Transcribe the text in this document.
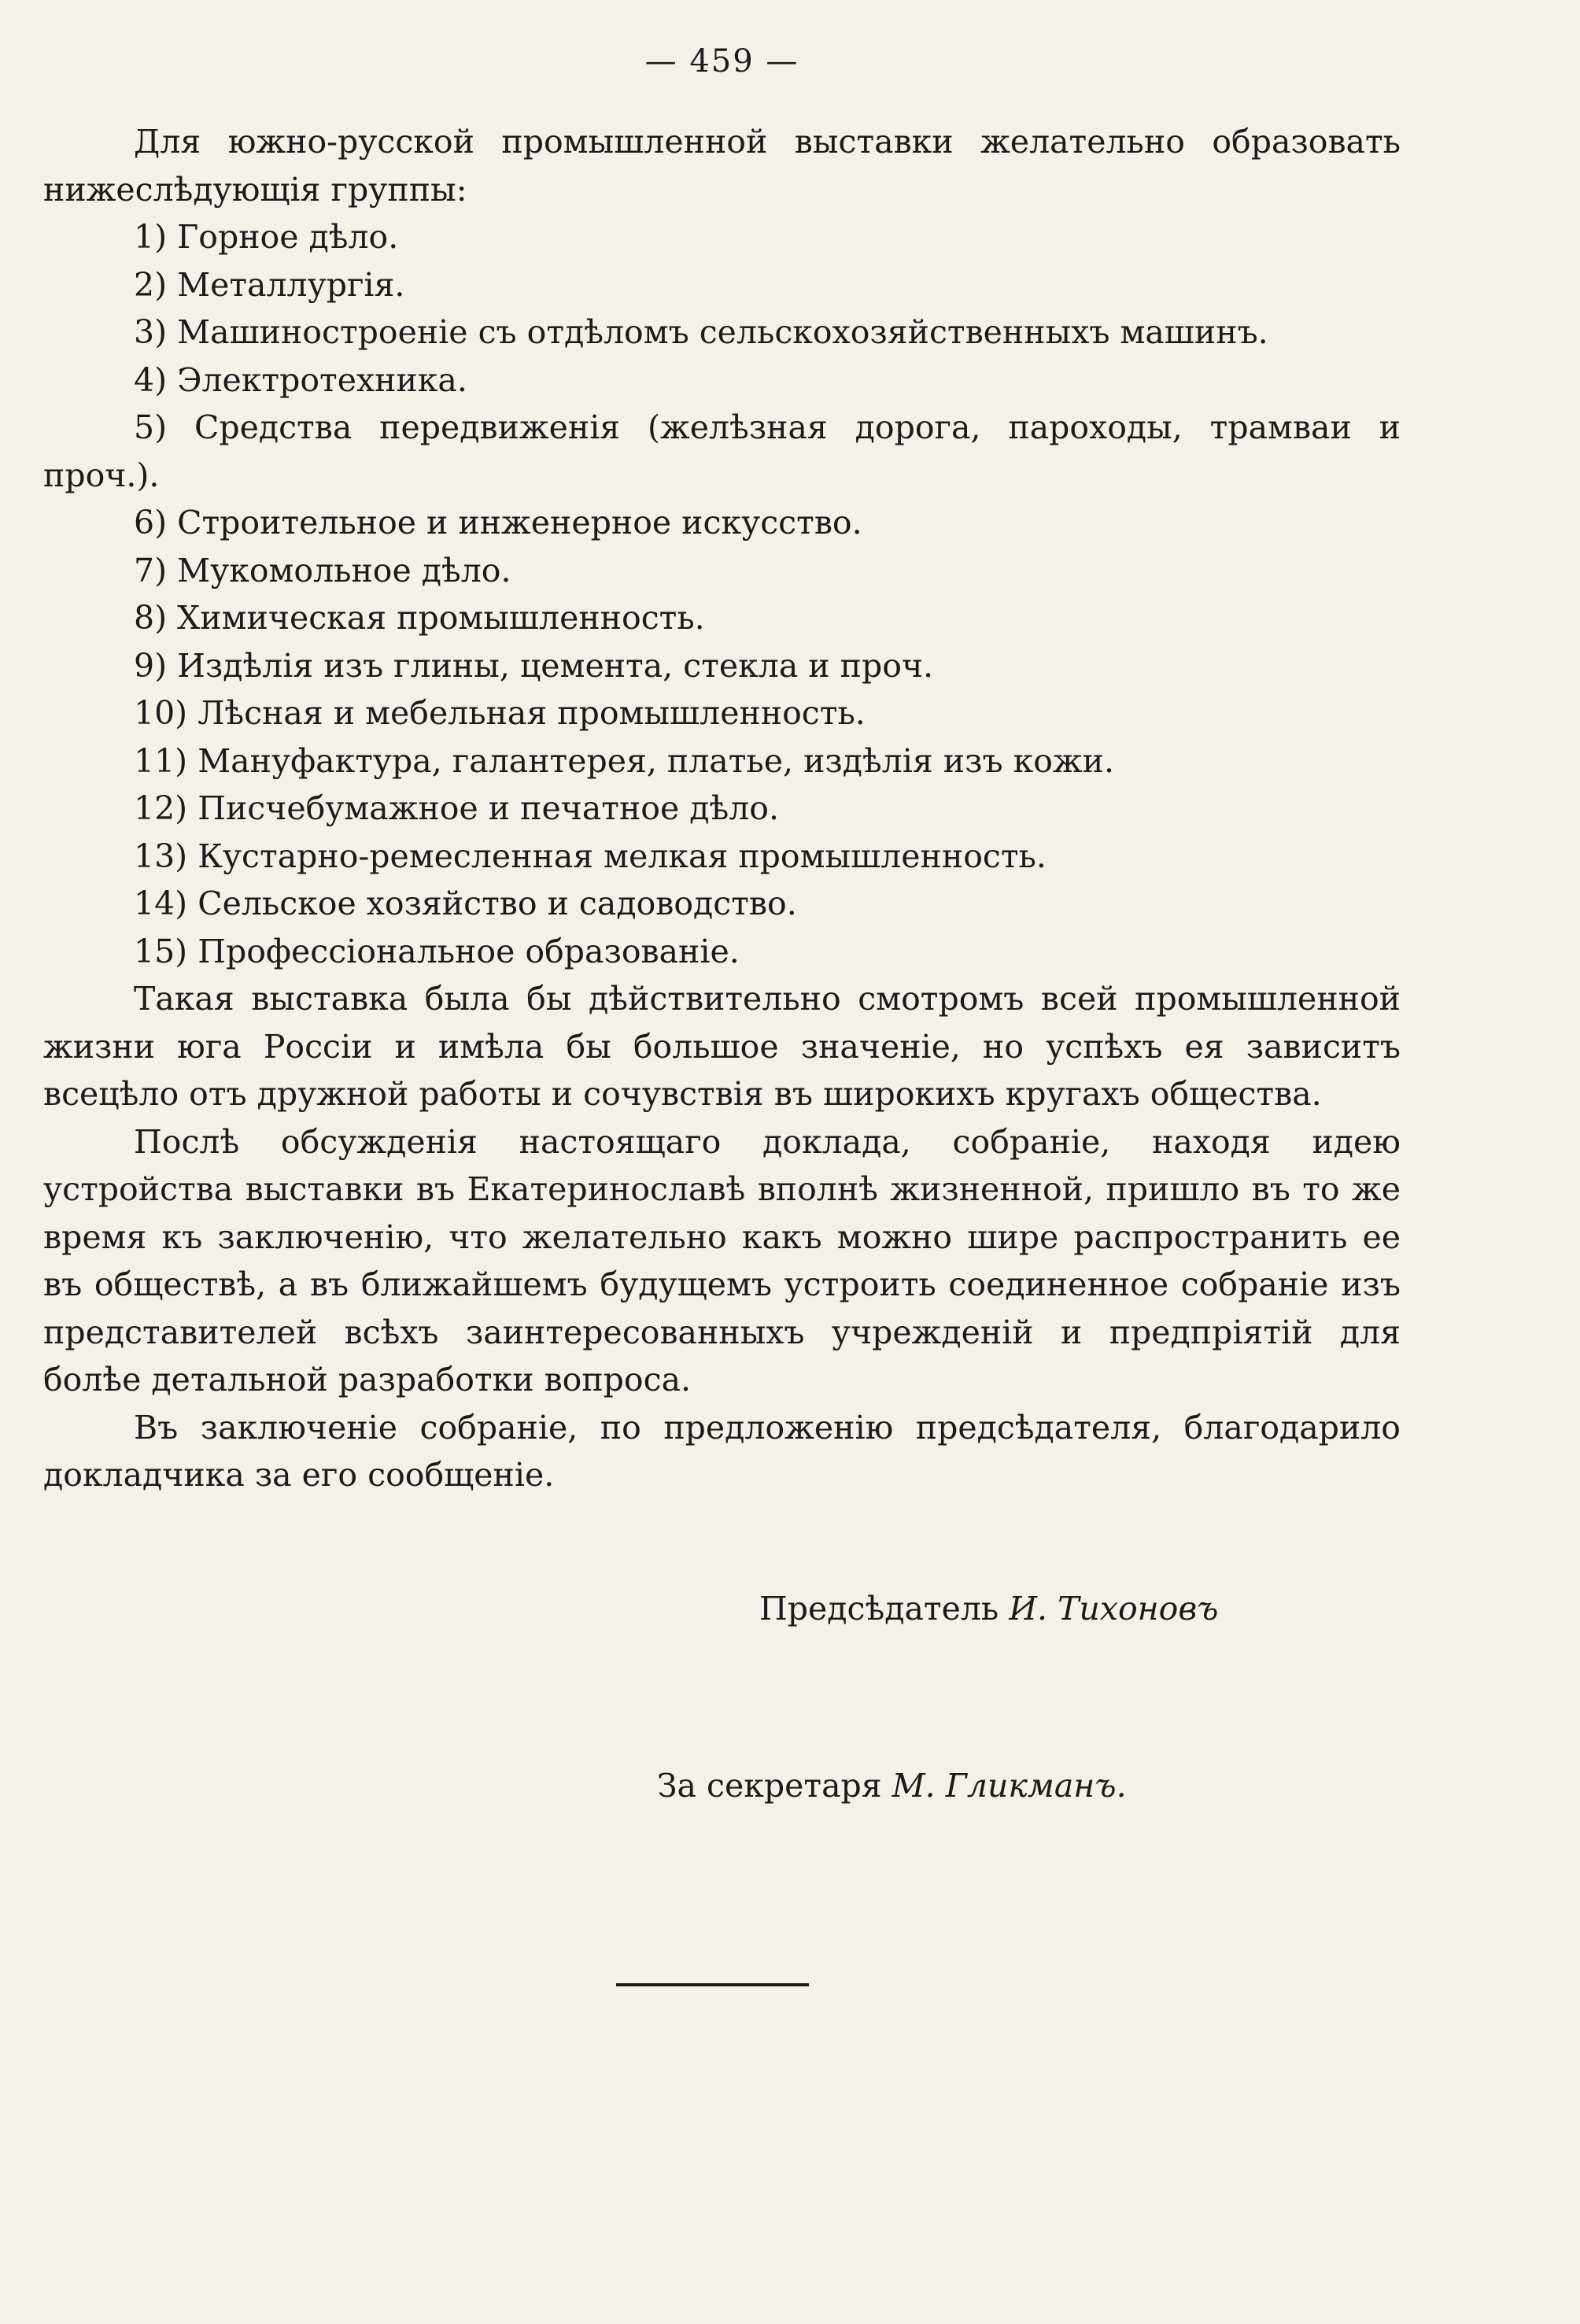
— 459 —

Для южно-русской промышленной выставки желательно образовать нижеслѣдующія группы:

1) Горное дѣло.
2) Металлургія.
3) Машиностроеніе съ отдѣломъ сельскохозяйственныхъ машинъ.
4) Электротехника.
5) Средства передвиженія (желѣзная дорога, пароходы, трамваи и проч.).
6) Строительное и инженерное искусство.
7) Мукомольное дѣло.
8) Химическая промышленность.
9) Издѣлія изъ глины, цемента, стекла и проч.
10) Лѣсная и мебельная промышленность.
11) Мануфактура, галантерея, платье, издѣлія изъ кожи.
12) Писчебумажное и печатное дѣло.
13) Кустарно-ремесленная мелкая промышленность.
14) Сельское хозяйство и садоводство.
15) Профессіональное образованіе.

Такая выставка была бы дѣйствительно смотромъ всей промышленной жизни юга Россіи и имѣла бы большое значеніе, но успѣхъ ея зависитъ всецѣло отъ дружной работы и сочувствія въ широкихъ кругахъ общества.

Послѣ обсужденія настоящаго доклада, собраніе, находя идею устройства выставки въ Екатеринославѣ вполнѣ жизненной, пришло въ то же время къ заключенію, что желательно какъ можно шире распространить ее въ обществѣ, а въ ближайшемъ будущемъ устроить соединенное собраніе изъ представителей всѣхъ заинтересованныхъ учрежденій и предпріятій для болѣе детальной разработки вопроса.

Въ заключеніе собраніе, по предложенію предсѣдателя, благодарило докладчика за его сообщеніе.

Предсѣдатель И. Тихоновъ
За секретаря М. Гликманъ.
